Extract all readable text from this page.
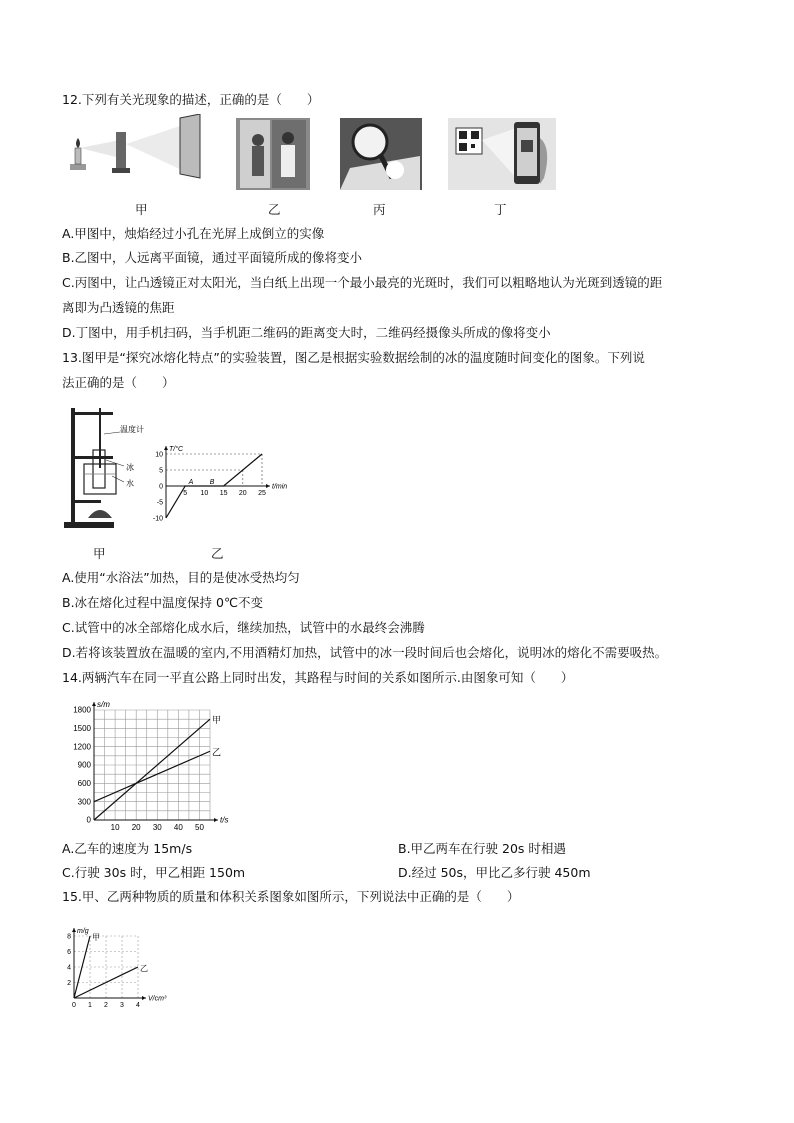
12.下列有关光现象的描述，正确的是（　　）
甲	乙	丙	丁
A.甲图中，烛焰经过小孔在光屏上成倒立的实像
B.乙图中，人远离平面镜，通过平面镜所成的像将变小
C.丙图中，让凸透镜正对太阳光，当白纸上出现一个最小最亮的光斑时，我们可以粗略地认为光斑到透镜的距
离即为凸透镜的焦距
D.丁图中，用手机扫码，当手机距二维码的距离变大时，二维码经摄像头所成的像将变小
13.图甲是“探究冰熔化特点”的实验装置，图乙是根据实验数据绘制的冰的温度随时间变化的图象。下列说
法正确的是（　　）
温度计
冰
水
5 10 15 20 25
10
5
0
-5
-10
t/min
T/°C
A B
甲	乙
A.使用“水浴法”加热，目的是使冰受热均匀
B.冰在熔化过程中温度保持 0℃不变
C.试管中的冰全部熔化成水后，继续加热，试管中的水最终会沸腾
D.若将该装置放在温暖的室内,不用酒精灯加热，试管中的冰一段时间后也会熔化，说明冰的熔化不需要吸热。
14.两辆汽车在同一平直公路上同时出发，其路程与时间的关系如图所示.由图象可知（　　）
10 20 30 40 50
1800
1500
1200
900
600
300
0	t/s
s/m
甲
乙
A.乙车的速度为 15m/s	B.甲乙两车在行驶 20s 时相遇
C.行驶 30s 时，甲乙相距 150m	D.经过 50s，甲比乙多行驶 450m
15.甲、乙两种物质的质量和体积关系图象如图所示，下列说法中正确的是（　　）
0 1 2 3 4
8
6
4
2
V/cm³
m/g
甲
乙
